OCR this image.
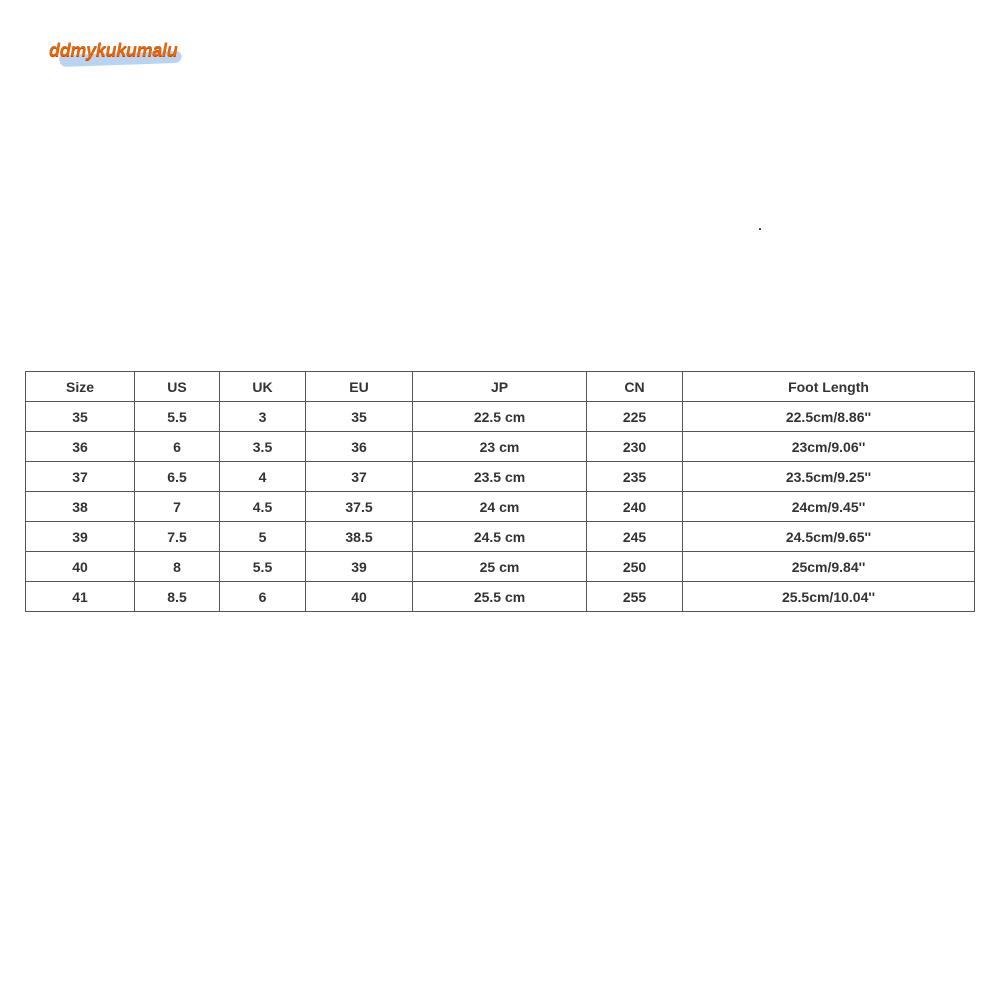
ddmykukumalu
Size	US	UK	EU	JP	CN	Foot Length
35	5.5	3	35	22.5 cm	225	22.5cm/8.86''
36	6	3.5	36	23 cm	230	23cm/9.06''
37	6.5	4	37	23.5 cm	235	23.5cm/9.25''
38	7	4.5	37.5	24 cm	240	24cm/9.45''
39	7.5	5	38.5	24.5 cm	245	24.5cm/9.65''
40	8	5.5	39	25 cm	250	25cm/9.84''
41	8.5	6	40	25.5 cm	255	25.5cm/10.04''
